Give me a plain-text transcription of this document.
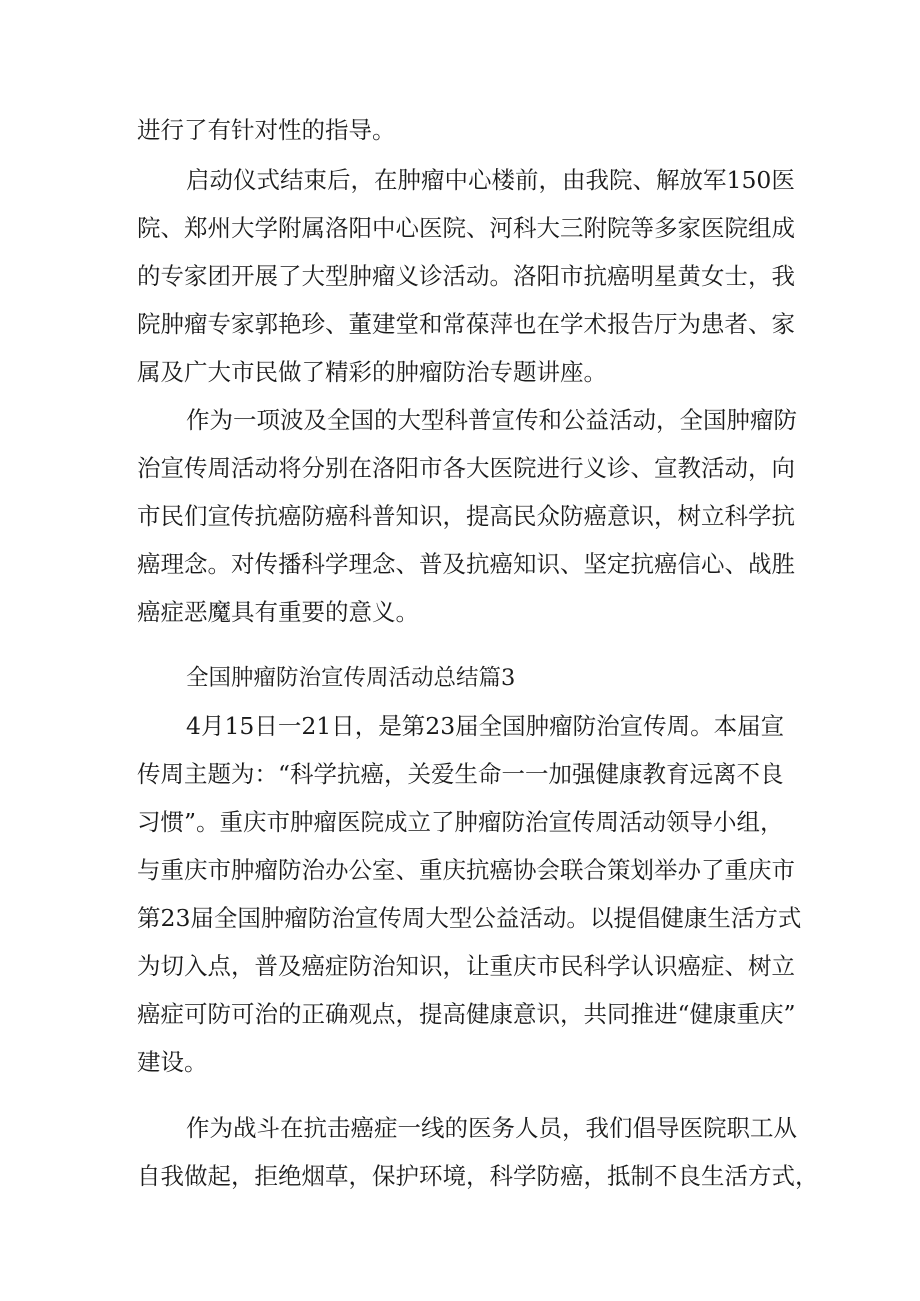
进行了有针对性的指导。
启动仪式结束后，在肿瘤中心楼前，由我院、解放军150医
院、郑州大学附属洛阳中心医院、河科大三附院等多家医院组成
的专家团开展了大型肿瘤义诊活动。洛阳市抗癌明星黄女士，我
院肿瘤专家郭艳珍、董建堂和常葆萍也在学术报告厅为患者、家
属及广大市民做了精彩的肿瘤防治专题讲座。
作为一项波及全国的大型科普宣传和公益活动，全国肿瘤防
治宣传周活动将分别在洛阳市各大医院进行义诊、宣教活动，向
市民们宣传抗癌防癌科普知识，提高民众防癌意识，树立科学抗
癌理念。对传播科学理念、普及抗癌知识、坚定抗癌信心、战胜
癌症恶魔具有重要的意义。
全国肿瘤防治宣传周活动总结篇3
4月15日一21日，是第23届全国肿瘤防治宣传周。本届宣
传周主题为：“科学抗癌，关爱生命一一加强健康教育远离不良
习惯”。重庆市肿瘤医院成立了肿瘤防治宣传周活动领导小组，
与重庆市肿瘤防治办公室、重庆抗癌协会联合策划举办了重庆市
第23届全国肿瘤防治宣传周大型公益活动。以提倡健康生活方式
为切入点，普及癌症防治知识，让重庆市民科学认识癌症、树立
癌症可防可治的正确观点，提高健康意识，共同推进“健康重庆”
建设。
作为战斗在抗击癌症一线的医务人员，我们倡导医院职工从
自我做起，拒绝烟草，保护环境，科学防癌，抵制不良生活方式，
